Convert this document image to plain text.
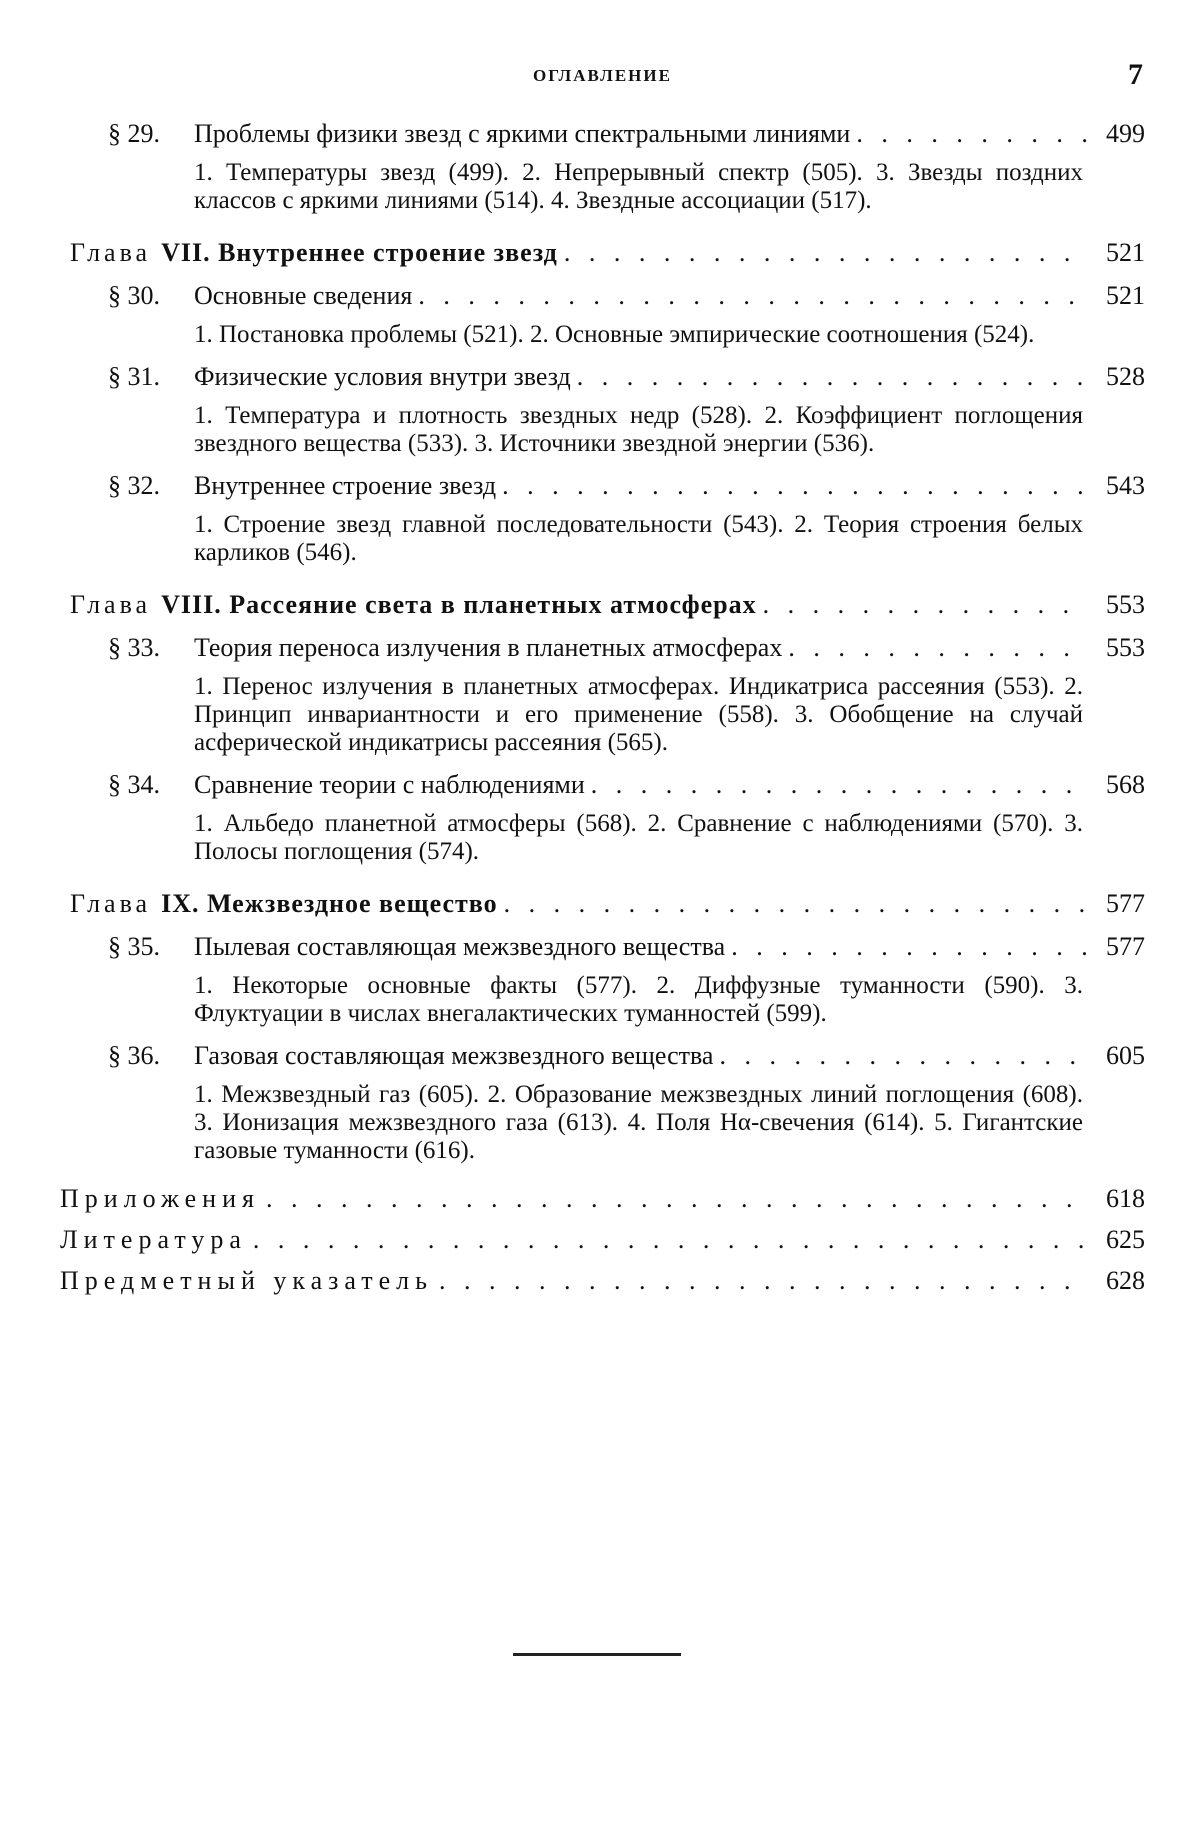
ОГЛАВЛЕНИЕ	7
§ 29.	Проблемы физики звезд с яркими спектральными линиями . . .	499
1. Температуры звезд (499). 2. Непрерывный спектр (505). 3. Звезды поздних классов с яркими линиями (514). 4. Звездные ассоциации (517).
Глава VII. Внутреннее строение звезд . . .	521
§ 30.	Основные сведения . . .	521
1. Постановка проблемы (521). 2. Основные эмпирические соотношения (524).
§ 31.	Физические условия внутри звезд . . .	528
1. Температура и плотность звездных недр (528). 2. Коэффициент поглощения звездного вещества (533). 3. Источники звездной энергии (536).
§ 32.	Внутреннее строение звезд . . .	543
1. Строение звезд главной последовательности (543). 2. Теория строения белых карликов (546).
Глава VIII. Рассеяние света в планетных атмосферах . . .	553
§ 33.	Теория переноса излучения в планетных атмосферах . . .	553
1. Перенос излучения в планетных атмосферах. Индикатриса рассеяния (553). 2. Принцип инвариантности и его применение (558). 3. Обобщение на случай асферической индикатрисы рассеяния (565).
§ 34.	Сравнение теории с наблюдениями . . .	568
1. Альбедо планетной атмосферы (568). 2. Сравнение с наблюдениями (570). 3. Полосы поглощения (574).
Глава IX. Межзвездное вещество . . .	577
§ 35.	Пылевая составляющая межзвездного вещества . . .	577
1. Некоторые основные факты (577). 2. Диффузные туманности (590). 3. Флуктуации в числах внегалактических туманностей (599).
§ 36.	Газовая составляющая межзвездного вещества . . .	605
1. Межзвездный газ (605). 2. Образование межзвездных линий поглощения (608). 3. Ионизация межзвездного газа (613). 4. Поля Нα-свечения (614). 5. Гигантские газовые туманности (616).
Приложения . . .	618
Литература . . .	625
Предметный указатель . . .	628
